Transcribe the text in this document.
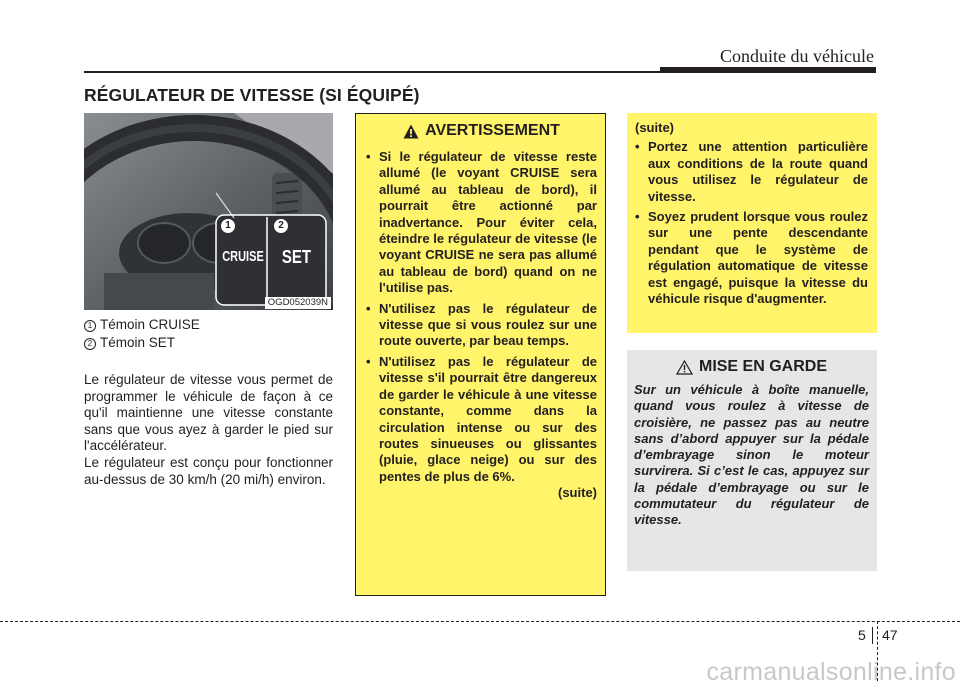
Conduite du véhicule
RÉGULATEUR DE VITESSE (SI ÉQUIPÉ)
1	2
CRUISE	SET
OGD052039N
1 Témoin CRUISE
2 Témoin SET

Le régulateur de vitesse vous permet de programmer le véhicule de façon à ce qu'il maintienne une vitesse constante sans que vous ayez à garder le pied sur l'accélérateur.

Le régulateur est conçu pour fonctionner au-dessus de 30 km/h (20 mi/h) environ.

AVERTISSEMENT
• Si le régulateur de vitesse reste allumé (le voyant CRUISE sera allumé au tableau de bord), il pourrait être actionné par inadvertance. Pour éviter cela, éteindre le régulateur de vitesse (le voyant CRUISE ne sera pas allumé au tableau de bord) quand on ne l'utilise pas.
• N'utilisez pas le régulateur de vitesse que si vous roulez sur une route ouverte, par beau temps.
• N'utilisez pas le régulateur de vitesse s'il pourrait être dangereux de garder le véhicule à une vitesse constante, comme dans la circulation intense ou sur des routes sinueuses ou glissantes (pluie, glace neige) ou sur des pentes de plus de 6%.
(suite)
(suite)
• Portez une attention particulière aux conditions de la route quand vous utilisez le régulateur de vitesse.
• Soyez prudent lorsque vous roulez sur une pente descendante pendant que le système de régulation automatique de vitesse est engagé, puisque la vitesse du véhicule risque d'augmenter.
MISE EN GARDE

Sur un véhicule à boîte manuelle, quand vous roulez à vitesse de croisière, ne passez pas au neutre sans d’abord appuyer sur la pédale d’embrayage sinon le moteur survirera. Si c’est le cas, appuyez sur la pédale d’embrayage ou sur le commutateur du régulateur de vitesse.

5 47
carmanualsonline.info
